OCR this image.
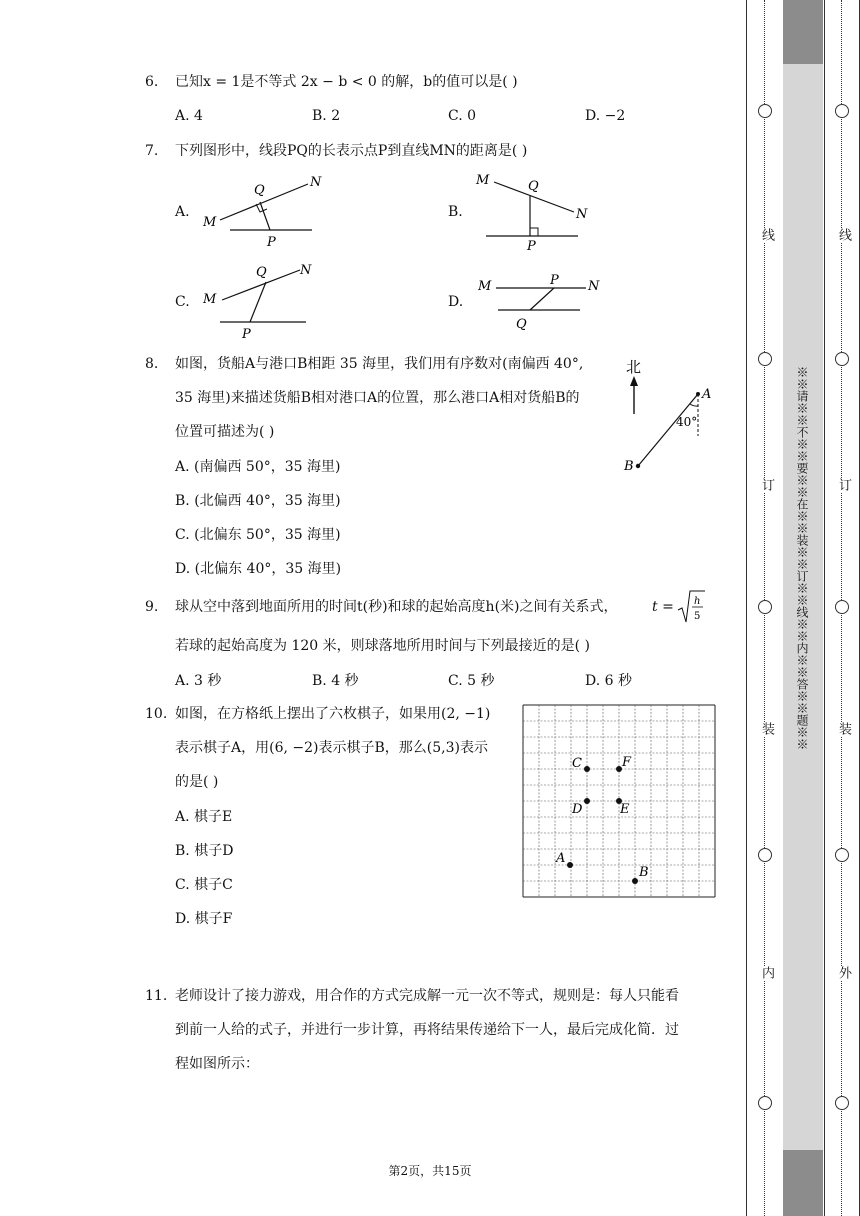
6. 已知x = 1是不等式 2x − b < 0 的解，b的值可以是( )
A. 4	B. 2	C. 0	D. −2
7. 下列图形中，线段PQ的长表示点P到直线MN的距离是( )
A.
M
N
P
Q
B.
M
N
P
Q
C. M
N
P
Q
D.
M	N
P
Q
8. 如图，货船A与港口B相距 35 海里，我们用有序数对(南偏西 40°,
35 海里)来描述货船B相对港口A的位置，那么港口A相对货船B的
位置可描述为( )
A. (南偏西 50°，35 海里)
B. (北偏西 40°，35 海里)
C. (北偏东 50°，35 海里)
D. (北偏东 40°，35 海里)
北
A
B
40°
9. 球从空中落到地面所用的时间t(秒)和球的起始高度h(米)之间有关系式， t = h
5
若球的起始高度为 120 米，则球落地所用时间与下列最接近的是( )
A. 3 秒	B. 4 秒	C. 5 秒	D. 6 秒
10. 如图，在方格纸上摆出了六枚棋子，如果用(2, −1)
表示棋子A，用(6, −2)表示棋子B，那么(5,3)表示
的是( )
A. 棋子E
B. 棋子D
C. 棋子C
D. 棋子F
C	F
D	E
A
B
11. 老师设计了接力游戏，用合作的方式完成解一元一次不等式，规则是：每人只能看
到前一人给的式子，并进行一步计算，再将结果传递给下一人，最后完成化简．过
程如图所示：
第2页，共15页
线
订
装
内
※※请※※不※※要※※在※※装※※订※※线※※内※※答※※题※※
线
订
装
外
